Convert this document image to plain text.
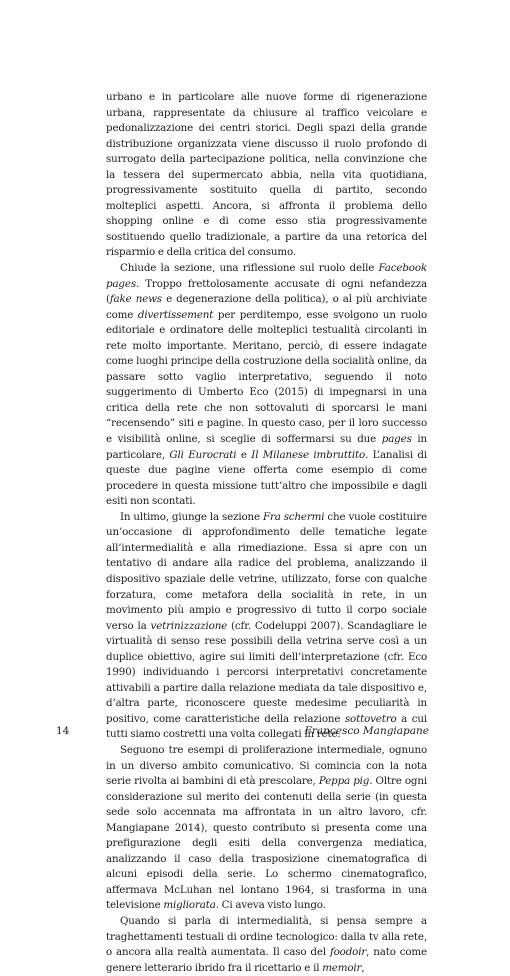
urbano e in particolare alle nuove forme di rigenerazione urbana, rappresentate da chiusure al traffico veicolare e pedonalizzazione dei centri storici. Degli spazi della grande distribuzione organizzata viene discusso il ruolo profondo di surrogato della partecipazione politica, nella convinzione che la tessera del supermercato abbia, nella vita quotidiana, progressivamente sostituito quella di partito, secondo molteplici aspetti. Ancora, si affronta il problema dello shopping online e di come esso stia progressivamente sostituendo quello tradizionale, a partire da una retorica del risparmio e della critica del consumo.

Chiude la sezione, una riflessione sul ruolo delle Facebook pages. Troppo frettolosamente accusate di ogni nefandezza (fake news e degenerazione della politica), o al più archiviate come divertissement per perditempo, esse svolgono un ruolo editoriale e ordinatore delle molteplici testualità circolanti in rete molto importante. Meritano, perciò, di essere indagate come luoghi principe della costruzione della socialità online, da passare sotto vaglio interpretativo, seguendo il noto suggerimento di Umberto Eco (2015) di impegnarsi in una critica della rete che non sottovaluti di sporcarsi le mani “recensendo” siti e pagine. In questo caso, per il loro successo e visibilità online, si sceglie di soffermarsi su due pages in particolare, Gli Eurocrati e Il Milanese imbruttito. L’analisi di queste due pagine viene offerta come esempio di come procedere in questa missione tutt’altro che impossibile e dagli esiti non scontati.

In ultimo, giunge la sezione Fra schermi che vuole costituire un’occasione di approfondimento delle tematiche legate all’intermedialità e alla rimediazione. Essa si apre con un tentativo di andare alla radice del problema, analizzando il dispositivo spaziale delle vetrine, utilizzato, forse con qualche forzatura, come metafora della socialità in rete, in un movimento più ampio e progressivo di tutto il corpo sociale verso la vetrinizzazione (cfr. Codeluppi 2007). Scandagliare le virtualità di senso rese possibili della vetrina serve così a un duplice obiettivo, agire sui limiti dell’interpretazione (cfr. Eco 1990) individuando i percorsi interpretativi concretamente attivabili a partire dalla relazione mediata da tale dispositivo e, d’altra parte, riconoscere queste medesime peculiarità in positivo, come caratteristiche della relazione sottovetro a cui tutti siamo costretti una volta collegati in rete.

Seguono tre esempi di proliferazione intermediale, ognuno in un diverso ambito comunicativo. Si comincia con la nota serie rivolta ai bambini di età prescolare, Peppa pig. Oltre ogni considerazione sul merito dei contenuti della serie (in questa sede solo accennata ma affrontata in un altro lavoro, cfr. Mangiapane 2014), questo contributo si presenta come una prefigurazione degli esiti della convergenza mediatica, analizzando il caso della trasposizione cinematografica di alcuni episodi della serie. Lo schermo cinematografico, affermava McLuhan nel lontano 1964, si trasforma in una televisione migliorata. Ci aveva visto lungo.

Quando si parla di intermedialità, si pensa sempre a traghettamenti testuali di ordine tecnologico: dalla tv alla rete, o ancora alla realtà aumentata. Il caso del foodoir, nato come genere letterario ibrido fra il ricettario e il memoir,

14	Francesco Mangiapane
